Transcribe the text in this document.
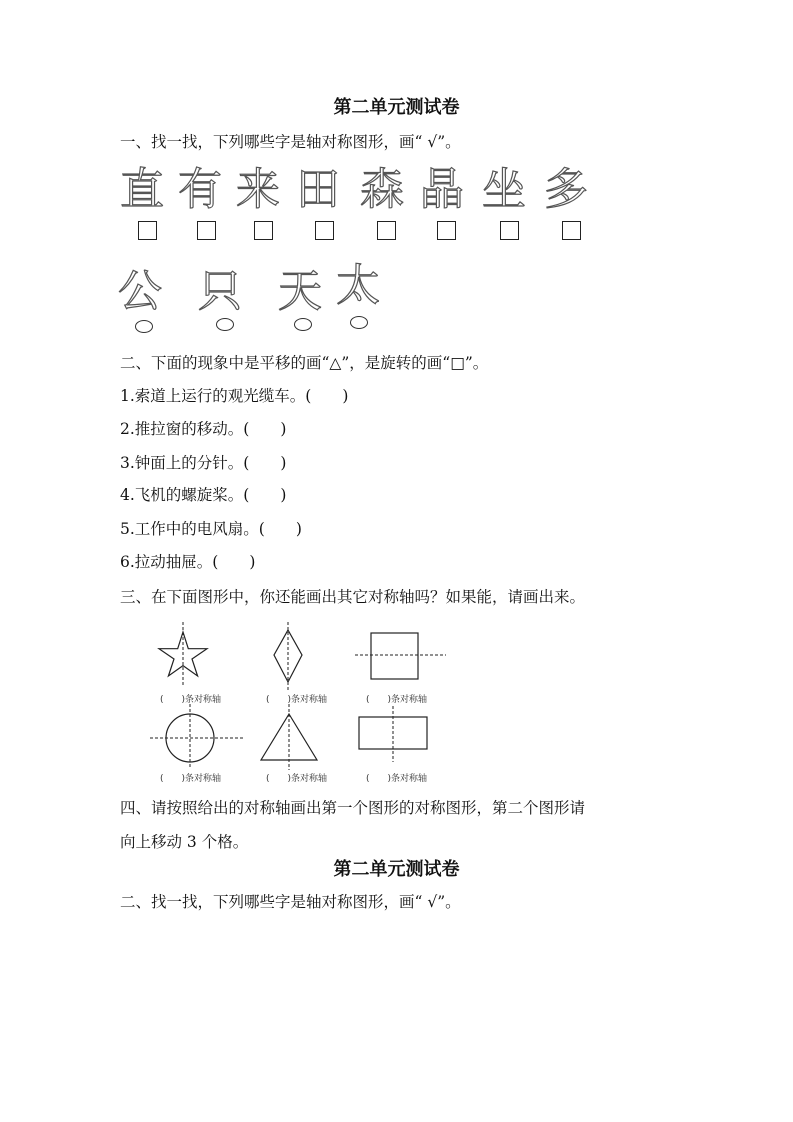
第二单元测试卷
一、找一找，下列哪些字是轴对称图形，画“ √”。
直 有 来 田 森 晶 坐 多
公 只 天 太
二、下面的现象中是平移的画“△”，是旋转的画“□”。
1.索道上运行的观光缆车。(　　)
2.推拉窗的移动。(　　)
3.钟面上的分针。(　　)
4.飞机的螺旋桨。(　　)
5.工作中的电风扇。(　　)
6.拉动抽屉。(　　)
三、在下面图形中，你还能画出其它对称轴吗？如果能，请画出来。
(　　)条对称轴	(　　)条对称轴	(　　)条对称轴
(　　)条对称轴	(　　)条对称轴	(　　)条对称轴
四、请按照给出的对称轴画出第一个图形的对称图形，第二个图形请
向上移动 3 个格。
第二单元测试卷
二、找一找，下列哪些字是轴对称图形，画“ √”。
